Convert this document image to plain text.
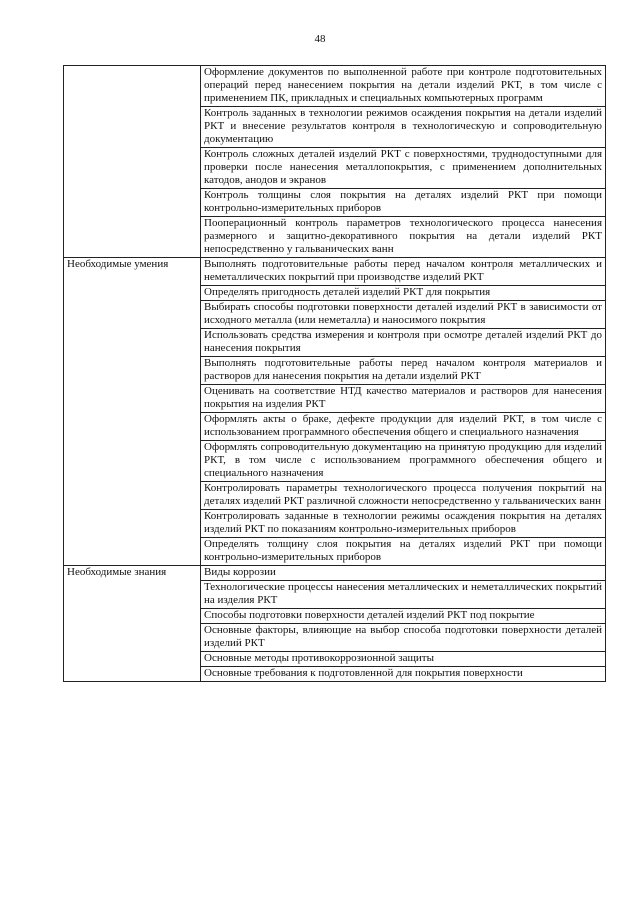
48

	Оформление документов по выполненной работе при контроле подготовительных операций перед нанесением покрытия на детали изделий РКТ, в том числе с применением ПК, прикладных и специальных компьютерных программ

	Контроль заданных в технологии режимов осаждения покрытия на детали изделий РКТ и внесение результатов контроля в технологическую и сопроводительную документацию

	Контроль сложных деталей изделий РКТ с поверхностями, труднодоступными для проверки после нанесения металлопокрытия, с применением дополнительных катодов, анодов и экранов

	Контроль толщины слоя покрытия на деталях изделий РКТ при помощи контрольно-измерительных приборов

	Пооперационный контроль параметров технологического процесса нанесения размерного и защитно-декоративного покрытия на детали изделий РКТ непосредственно у гальванических ванн

Необходимые умения	Выполнять подготовительные работы перед началом контроля металлических и неметаллических покрытий при производстве изделий РКТ

	Определять пригодность деталей изделий РКТ для покрытия

	Выбирать способы подготовки поверхности деталей изделий РКТ в зависимости от исходного металла (или неметалла) и наносимого покрытия

	Использовать средства измерения и контроля при осмотре деталей изделий РКТ до нанесения покрытия

	Выполнять подготовительные работы перед началом контроля материалов и растворов для нанесения покрытия на детали изделий РКТ

	Оценивать на соответствие НТД качество материалов и растворов для нанесения покрытия на изделия РКТ

	Оформлять акты о браке, дефекте продукции для изделий РКТ, в том числе с использованием программного обеспечения общего и специального назначения

	Оформлять сопроводительную документацию на принятую продукцию для изделий РКТ, в том числе с использованием программного обеспечения общего и специального назначения

	Контролировать параметры технологического процесса получения покрытий на деталях изделий РКТ различной сложности непосредственно у гальванических ванн

	Контролировать заданные в технологии режимы осаждения покрытия на деталях изделий РКТ по показаниям контрольно-измерительных приборов

	Определять толщину слоя покрытия на деталях изделий РКТ при помощи контрольно-измерительных приборов

Необходимые знания	Виды коррозии

	Технологические процессы нанесения металлических и неметаллических покрытий на изделия РКТ

	Способы подготовки поверхности деталей изделий РКТ под покрытие

	Основные факторы, влияющие на выбор способа подготовки поверхности деталей изделий РКТ

	Основные методы противокоррозионной защиты

	Основные требования к подготовленной для покрытия поверхности
